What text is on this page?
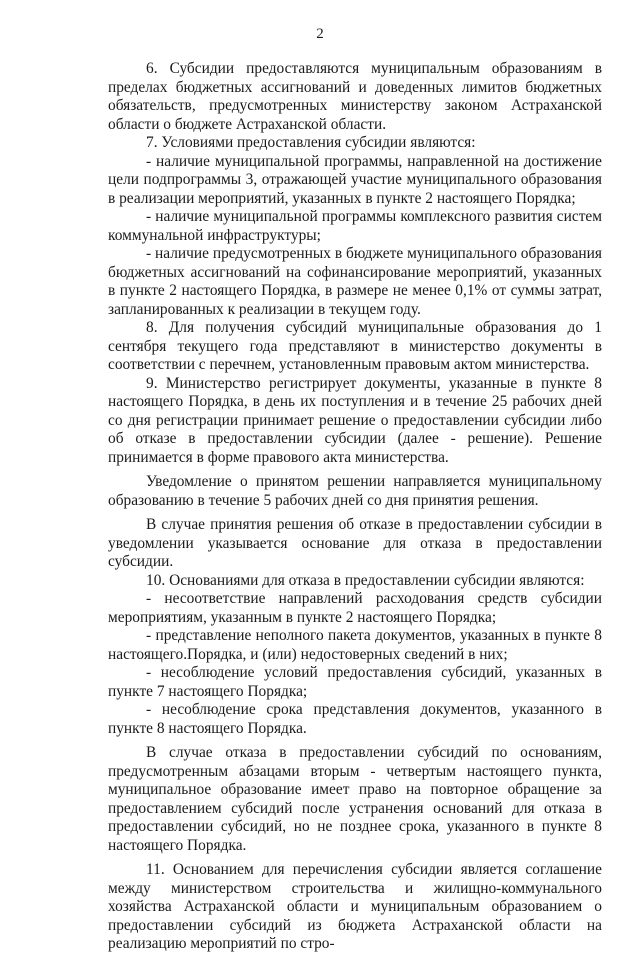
2

6. Субсидии предоставляются муниципальным образованиям в пределах бюджетных ассигнований и доведенных лимитов бюджетных обязательств, предусмотренных министерству законом Астраханской области о бюджете Астраханской области.

7. Условиями предоставления субсидии являются:

- наличие муниципальной программы, направленной на достижение цели подпрограммы 3, отражающей участие муниципального образования в реализации мероприятий, указанных в пункте 2 настоящего Порядка;

- наличие муниципальной программы комплексного развития систем коммунальной инфраструктуры;

- наличие предусмотренных в бюджете муниципального образования бюджетных ассигнований на софинансирование мероприятий, указанных в пункте 2 настоящего Порядка, в размере не менее 0,1% от суммы затрат, запланированных к реализации в текущем году.

8. Для получения субсидий муниципальные образования до 1 сентября текущего года представляют в министерство документы в соответствии с перечнем, установленным правовым актом министерства.

9. Министерство регистрирует документы, указанные в пункте 8 настоящего Порядка, в день их поступления и в течение 25 рабочих дней со дня регистрации принимает решение о предоставлении субсидии либо об отказе в предоставлении субсидии (далее - решение). Решение принимается в форме правового акта министерства.

Уведомление о принятом решении направляется муниципальному образованию в течение 5 рабочих дней со дня принятия решения.

В случае принятия решения об отказе в предоставлении субсидии в уведомлении указывается основание для отказа в предоставлении субсидии.

10. Основаниями для отказа в предоставлении субсидии являются:

- несоответствие направлений расходования средств субсидии мероприятиям, указанным в пункте 2 настоящего Порядка;

- представление неполного пакета документов, указанных в пункте 8 настоящего.Порядка, и (или) недостоверных сведений в них;

- несоблюдение условий предоставления субсидий, указанных в пункте 7 настоящего Порядка;

- несоблюдение срока представления документов, указанного в пункте 8 настоящего Порядка.

В случае отказа в предоставлении субсидий по основаниям, предусмотренным абзацами вторым - четвертым настоящего пункта, муниципальное образование имеет право на повторное обращение за предоставлением субсидий после устранения оснований для отказа в предоставлении субсидий, но не позднее срока, указанного в пункте 8 настоящего Порядка.

11. Основанием для перечисления субсидии является соглашение между министерством строительства и жилищно-коммунального хозяйства Астраханской области и муниципальным образованием о предоставлении субсидий из бюджета Астраханской области на реализацию мероприятий по стро-
